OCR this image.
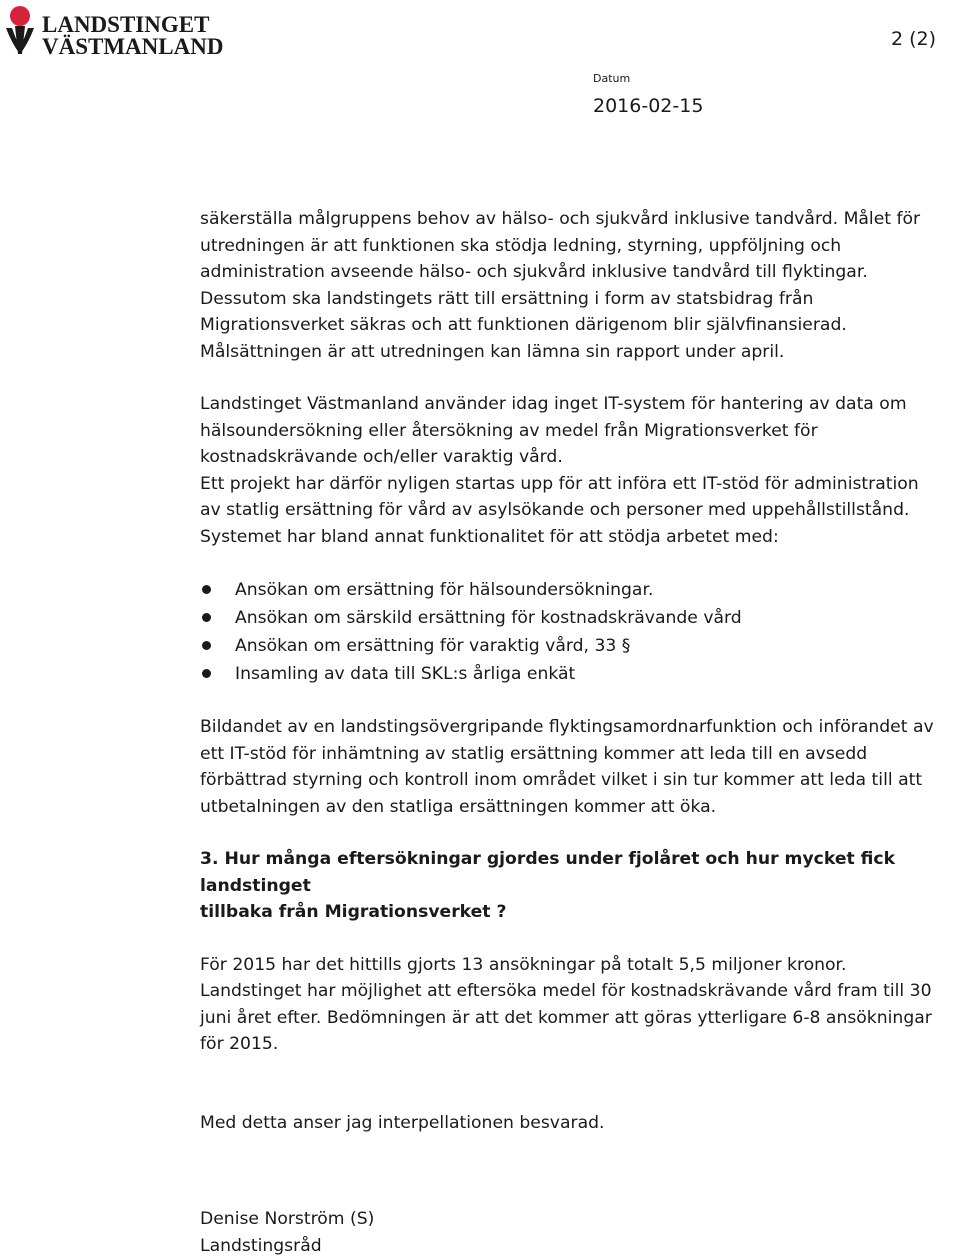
LANDSTINGET
VÄSTMANLAND	2 (2)
Datum
2016-02-15

säkerställa målgruppens behov av hälso- och sjukvård inklusive tandvård. Målet för
utredningen är att funktionen ska stödja ledning, styrning, uppföljning och
administration avseende hälso- och sjukvård inklusive tandvård till flyktingar.
Dessutom ska landstingets rätt till ersättning i form av statsbidrag från
Migrationsverket säkras och att funktionen därigenom blir självfinansierad.
Målsättningen är att utredningen kan lämna sin rapport under april.

Landstinget Västmanland använder idag inget IT-system för hantering av data om
hälsoundersökning eller återsökning av medel från Migrationsverket för
kostnadskrävande och/eller varaktig vård.
Ett projekt har därför nyligen startas upp för att införa ett IT-stöd för administration
av statlig ersättning för vård av asylsökande och personer med uppehållstillstånd.
Systemet har bland annat funktionalitet för att stödja arbetet med:

Ansökan om ersättning för hälsoundersökningar.
Ansökan om särskild ersättning för kostnadskrävande vård
Ansökan om ersättning för varaktig vård, 33 §
Insamling av data till SKL:s årliga enkät

Bildandet av en landstingsövergripande flyktingsamordnarfunktion och införandet av
ett IT-stöd för inhämtning av statlig ersättning kommer att leda till en avsedd
förbättrad styrning och kontroll inom området vilket i sin tur kommer att leda till att
utbetalningen av den statliga ersättningen kommer att öka.

3. Hur många eftersökningar gjordes under fjolåret och hur mycket fick landstinget
tillbaka från Migrationsverket ?

För 2015 har det hittills gjorts 13 ansökningar på totalt 5,5 miljoner kronor.
Landstinget har möjlighet att eftersöka medel för kostnadskrävande vård fram till 30
juni året efter. Bedömningen är att det kommer att göras ytterligare 6-8 ansökningar
för 2015.

Med detta anser jag interpellationen besvarad.

Denise Norström (S)
Landstingsråd
